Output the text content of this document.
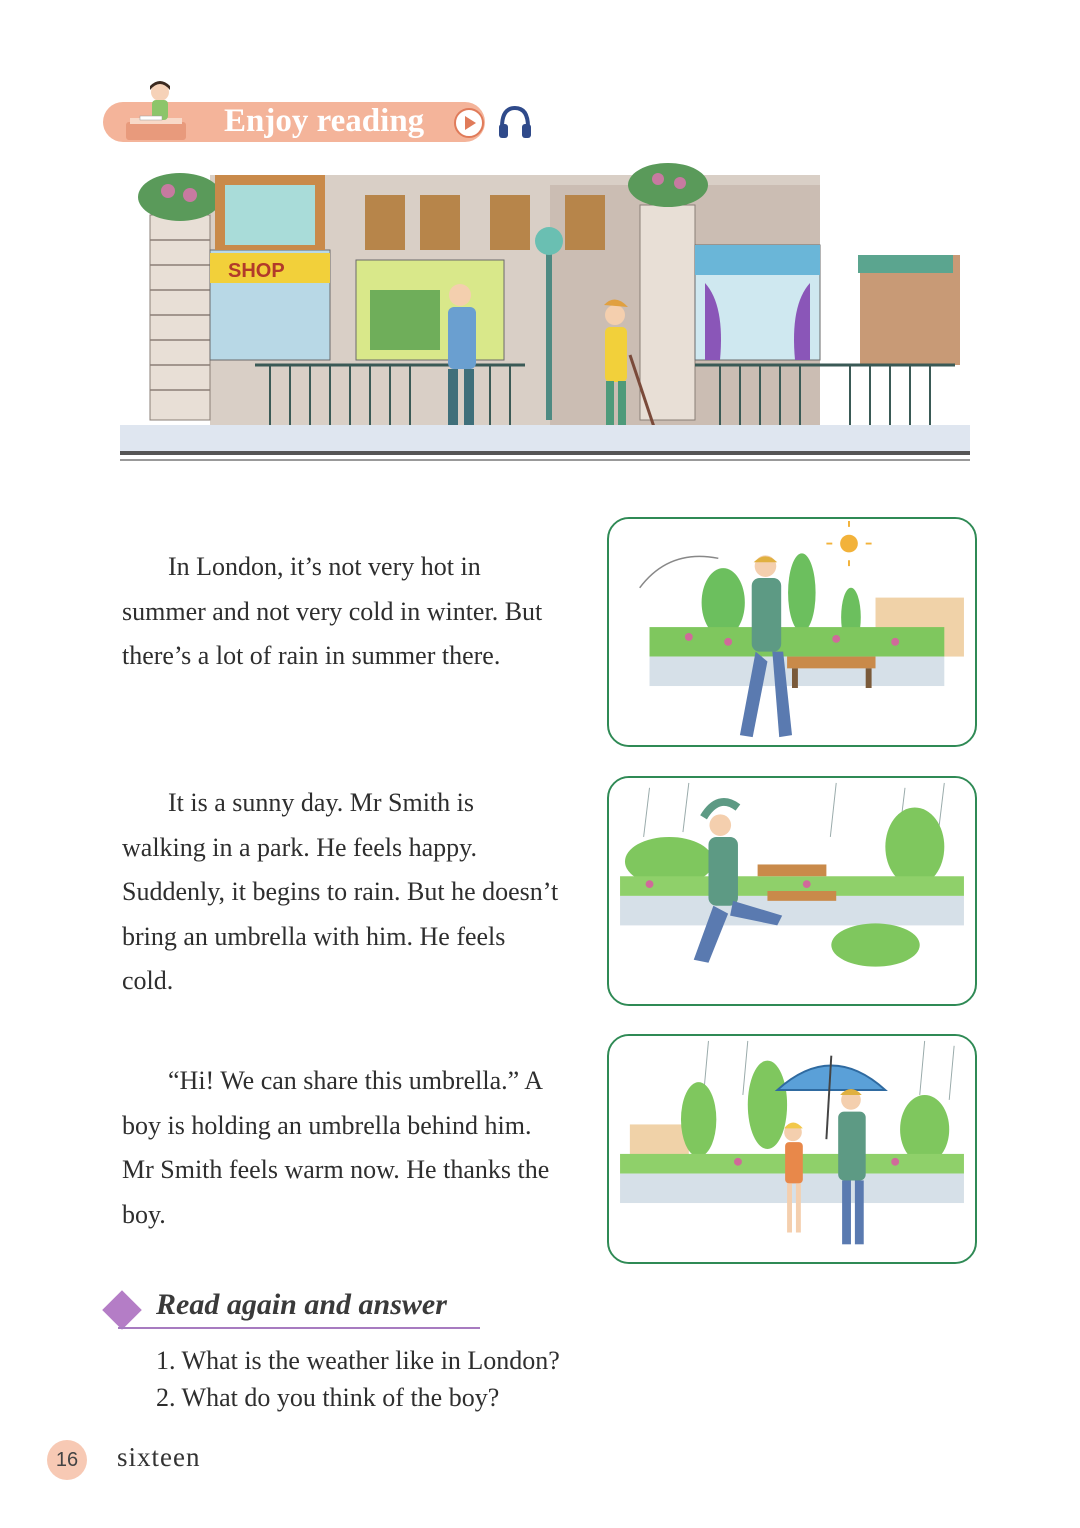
Enjoy reading
SHOP

In London, it’s not very hot in summer and not very cold in winter. But there’s a lot of rain in summer there.

It is a sunny day. Mr Smith is walking in a park. He feels happy. Suddenly, it begins to rain. But he doesn’t bring an umbrella with him. He feels cold.

“Hi! We can share this umbrella.” A boy is holding an umbrella behind him. Mr Smith feels warm now. He thanks the boy.

Read again and answer
1. What is the weather like in London?
2. What do you think of the boy?
16	sixteen
